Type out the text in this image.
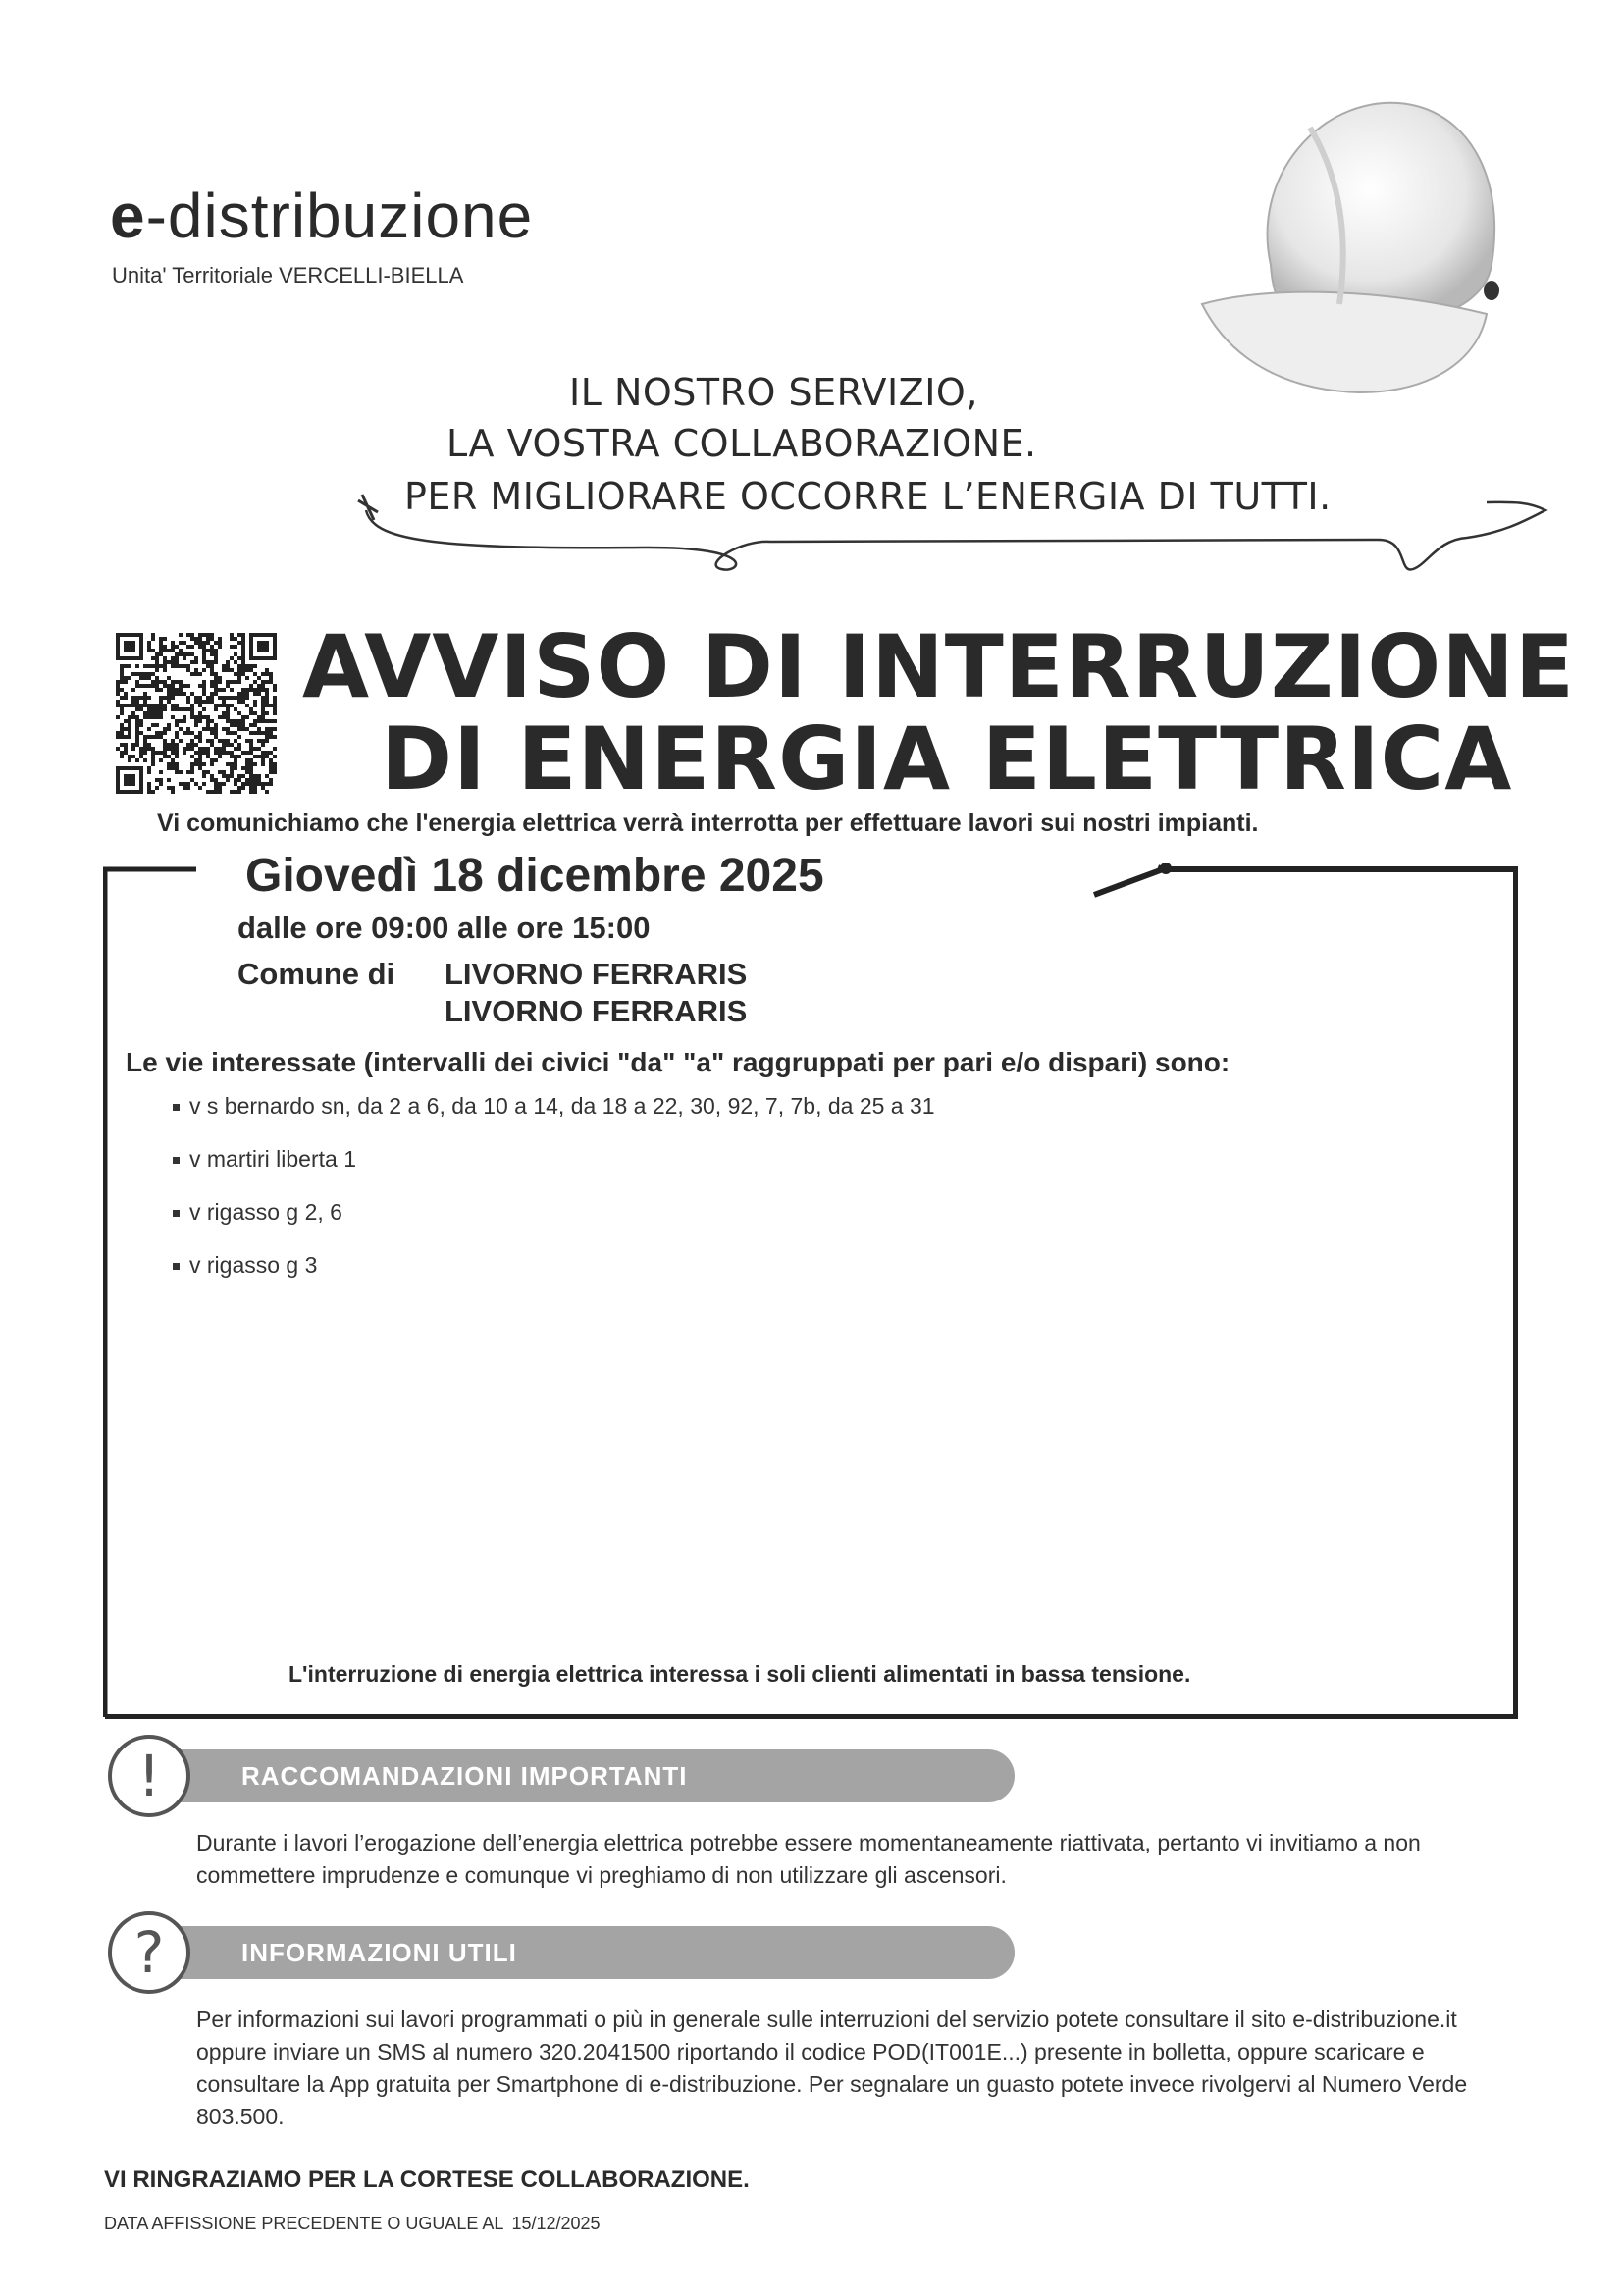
e-distribuzione
Unita' Territoriale VERCELLI-BIELLA
IL NOSTRO SERVIZIO,
LA VOSTRA COLLABORAZIONE.
PER MIGLIORARE OCCORRE L’ENERGIA DI TUTTI.
AVVISO DI INTERRUZIONE
DI ENERGIA ELETTRICA
Vi comunichiamo che l'energia elettrica verrà interrotta per effettuare lavori sui nostri impianti.
Giovedì 18 dicembre 2025
dalle ore 09:00 alle ore 15:00
Comune di LIVORNO FERRARIS
LIVORNO FERRARIS
Le vie interessate (intervalli dei civici "da" "a" raggruppati per pari e/o dispari) sono:
v s bernardo sn, da 2 a 6, da 10 a 14, da 18 a 22, 30, 92, 7, 7b, da 25 a 31
v martiri liberta 1
v rigasso g 2, 6
v rigasso g 3
L'interruzione di energia elettrica interessa i soli clienti alimentati in bassa tensione.
!	RACCOMANDAZIONI IMPORTANTI
Durante i lavori l’erogazione dell’energia elettrica potrebbe essere momentaneamente riattivata, pertanto vi invitiamo a non commettere imprudenze e comunque vi preghiamo di non utilizzare gli ascensori.
?	INFORMAZIONI UTILI
Per informazioni sui lavori programmati o più in generale sulle interruzioni del servizio potete consultare il sito e-distribuzione.it oppure inviare un SMS al numero 320.2041500 riportando il codice POD(IT001E...) presente in bolletta, oppure scaricare e consultare la App gratuita per Smartphone di e-distribuzione. Per segnalare un guasto potete invece rivolgervi al Numero Verde 803.500.
VI RINGRAZIAMO PER LA CORTESE COLLABORAZIONE.
DATA AFFISSIONE PRECEDENTE O UGUALE AL 15/12/2025
